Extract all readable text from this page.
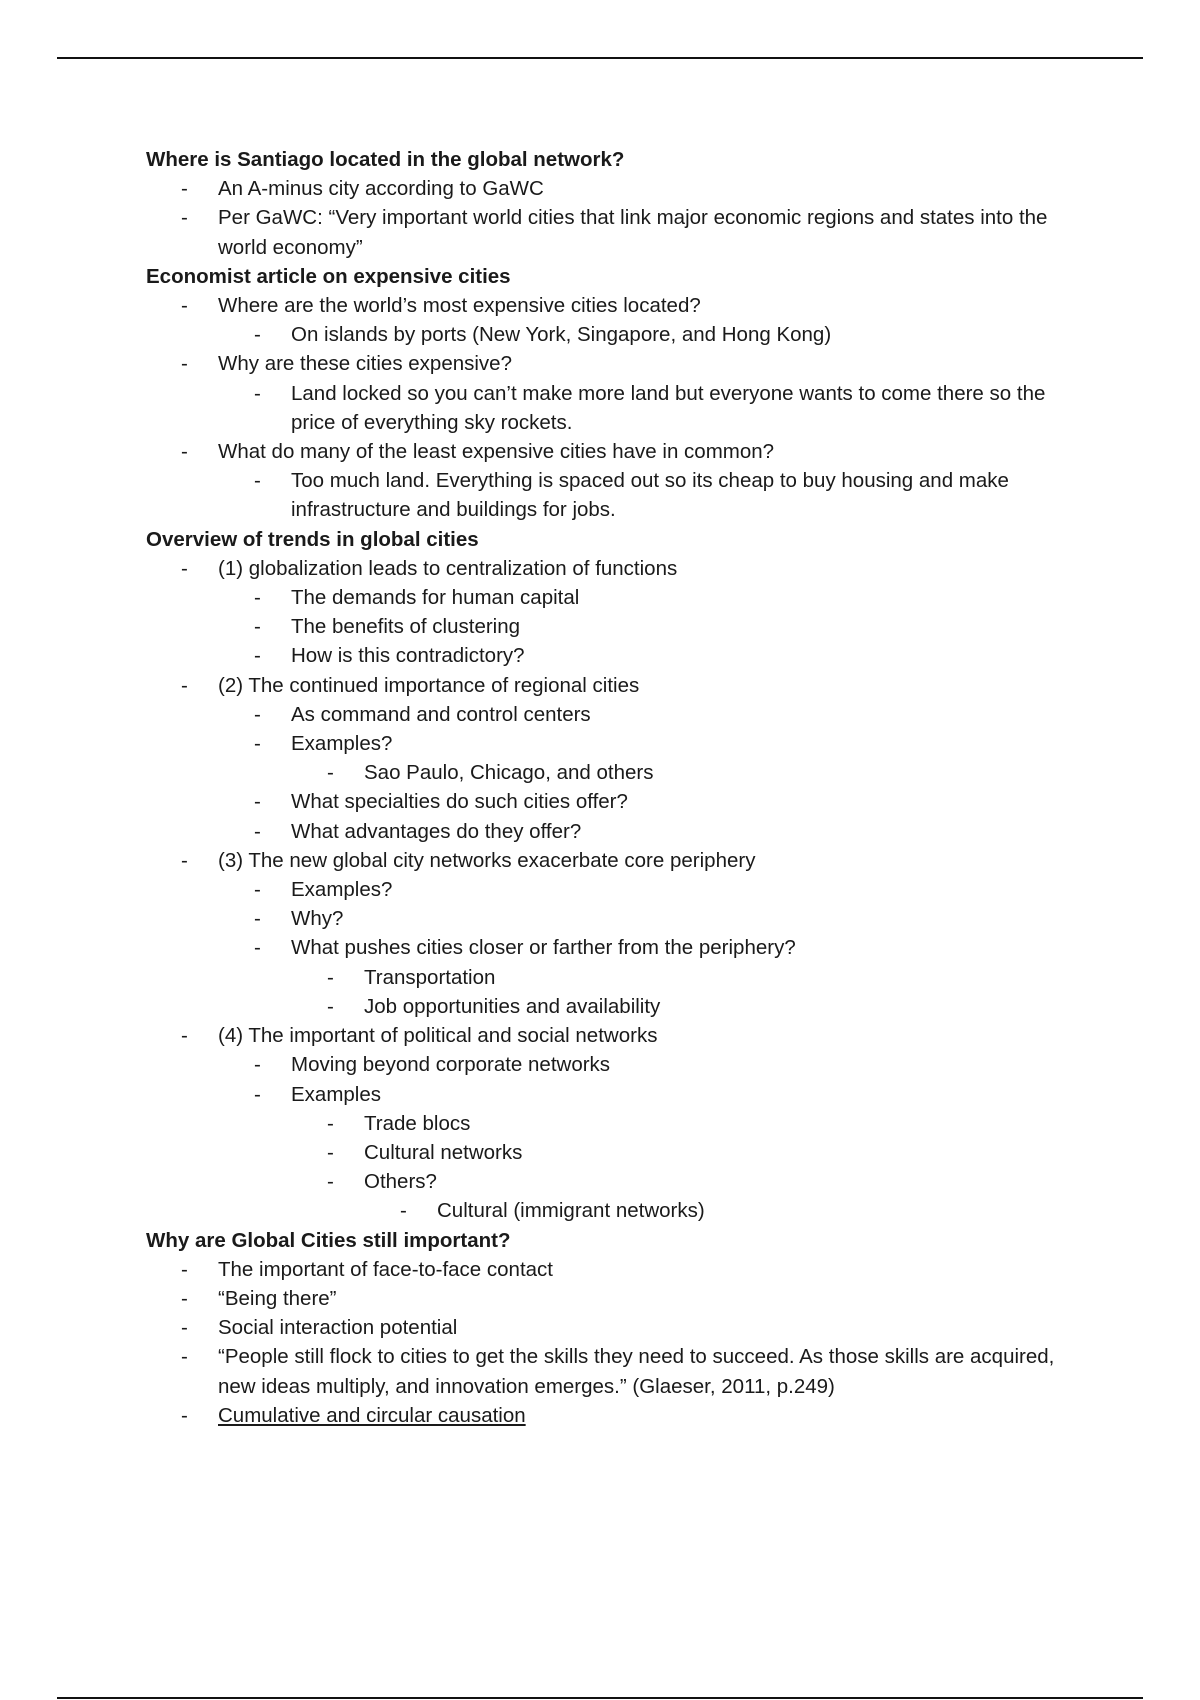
Where is Santiago located in the global network?
- An A-minus city according to GaWC
- Per GaWC: “Very important world cities that link major economic regions and states into the world economy”
Economist article on expensive cities
- Where are the world’s most expensive cities located?
- On islands by ports (New York, Singapore, and Hong Kong)
- Why are these cities expensive?
- Land locked so you can’t make more land but everyone wants to come there so the price of everything sky rockets.
- What do many of the least expensive cities have in common?
- Too much land. Everything is spaced out so its cheap to buy housing and make infrastructure and buildings for jobs.
Overview of trends in global cities
- (1) globalization leads to centralization of functions
- The demands for human capital
- The benefits of clustering
- How is this contradictory?
- (2) The continued importance of regional cities
- As command and control centers
- Examples?
- Sao Paulo, Chicago, and others
- What specialties do such cities offer?
- What advantages do they offer?
- (3) The new global city networks exacerbate core periphery
- Examples?
- Why?
- What pushes cities closer or farther from the periphery?
- Transportation
- Job opportunities and availability
- (4) The important of political and social networks
- Moving beyond corporate networks
- Examples
- Trade blocs
- Cultural networks
- Others?
- Cultural (immigrant networks)
Why are Global Cities still important?
- The important of face-to-face contact
- “Being there”
- Social interaction potential
- “People still flock to cities to get the skills they need to succeed. As those skills are acquired, new ideas multiply, and innovation emerges.” (Glaeser, 2011, p.249)
- Cumulative and circular causation
